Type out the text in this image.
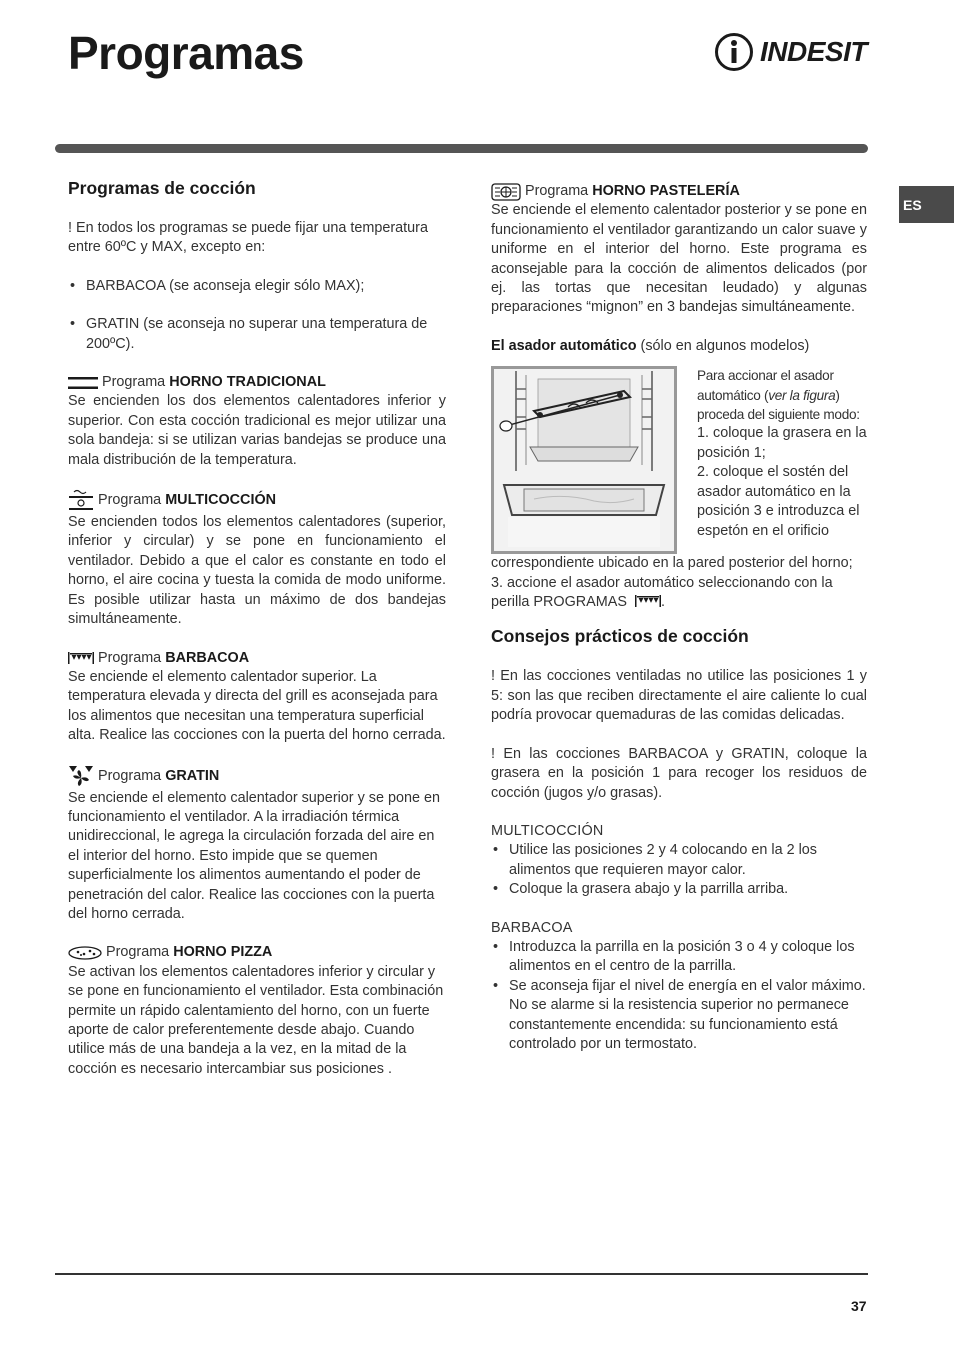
Programas	INDESIT
ES
Programas de cocción

! En todos los programas se puede fijar una temperatura

entre 60ºC y MAX, excepto en:

• BARBACOA (se aconseja elegir sólo MAX);
• GRATIN (se aconseja no superar una temperatura de 200ºC).
Programa
HORNO TRADICIONAL

Se encienden los dos elementos calentadores inferior y superior. Con esta cocción tradicional es mejor utilizar una sola bandeja: si se utilizan varias bandejas se produce una mala distribución de la temperatura.

Programa
MULTICOCCIÓN

Se encienden todos los elementos calentadores (superior, inferior y circular) y se pone en funcionamiento el ventilador. Debido a que el calor es constante en todo el horno, el aire cocina y tuesta la comida de modo uniforme. Es posible utilizar hasta un máximo de dos bandejas simultáneamente.

Programa
BARBACOA

Se enciende el elemento calentador superior. La temperatura elevada y directa del grill es aconsejada para los alimentos que necesitan una temperatura superficial alta. Realice las cocciones con la puerta del horno cerrada.

Programa
GRATIN

Se enciende el elemento calentador superior y se pone en funcionamiento el ventilador. A la irradiación térmica unidireccional, le agrega la circulación forzada del aire en el interior del horno. Esto impide que se quemen superficialmente los alimentos aumentando el poder de penetración del calor. Realice las cocciones con la puerta del horno cerrada.

Programa
HORNO PIZZA

Se activan los elementos calentadores inferior y circular y se pone en funcionamiento el ventilador. Esta combinación permite un rápido calentamiento del horno, con un fuerte aporte de calor preferentemente desde abajo. Cuando utilice más de una bandeja a la vez, en la mitad de la cocción es necesario intercambiar sus posiciones .

Programa
HORNO PASTELERÍA

Se enciende el elemento calentador posterior y se pone en funcionamiento el ventilador garantizando un calor suave y uniforme en el interior del horno. Este programa es aconsejable para la cocción de alimentos delicados (por ej. las tortas que necesitan leudado) y algunas preparaciones “mignon” en 3 bandejas simultáneamente.

El asador automático (sólo en algunos modelos)

Para accionar el asador automático (ver la figura) proceda del siguiente modo:

1. coloque la grasera en la posición 1;

2. coloque el sostén del asador automático en la posición 3 e introduzca el espetón en el orificio

correspondiente ubicado en la pared posterior del horno;

3. accione el asador automático seleccionando con la perilla PROGRAMAS .

Consejos prácticos de cocción

! En las cocciones ventiladas no utilice las posiciones 1 y 5: son las que reciben directamente el aire caliente lo cual podría provocar quemaduras de las comidas delicadas.

! En las cocciones BARBACOA y GRATIN, coloque la grasera en la posición 1 para recoger los residuos de cocción (jugos y/o grasas).

MULTICOCCIÓN

• Utilice las posiciones 2 y 4 colocando en la 2 los alimentos que requieren mayor calor.
• Coloque la grasera abajo y la parrilla arriba.

BARBACOA

• Introduzca la parrilla en la posición 3 o 4 y coloque los alimentos en el centro de la parrilla.
• Se aconseja fijar el nivel de energía en el valor máximo. No se alarme si la resistencia superior no permanece constantemente encendida: su funcionamiento está controlado por un termostato.
37
